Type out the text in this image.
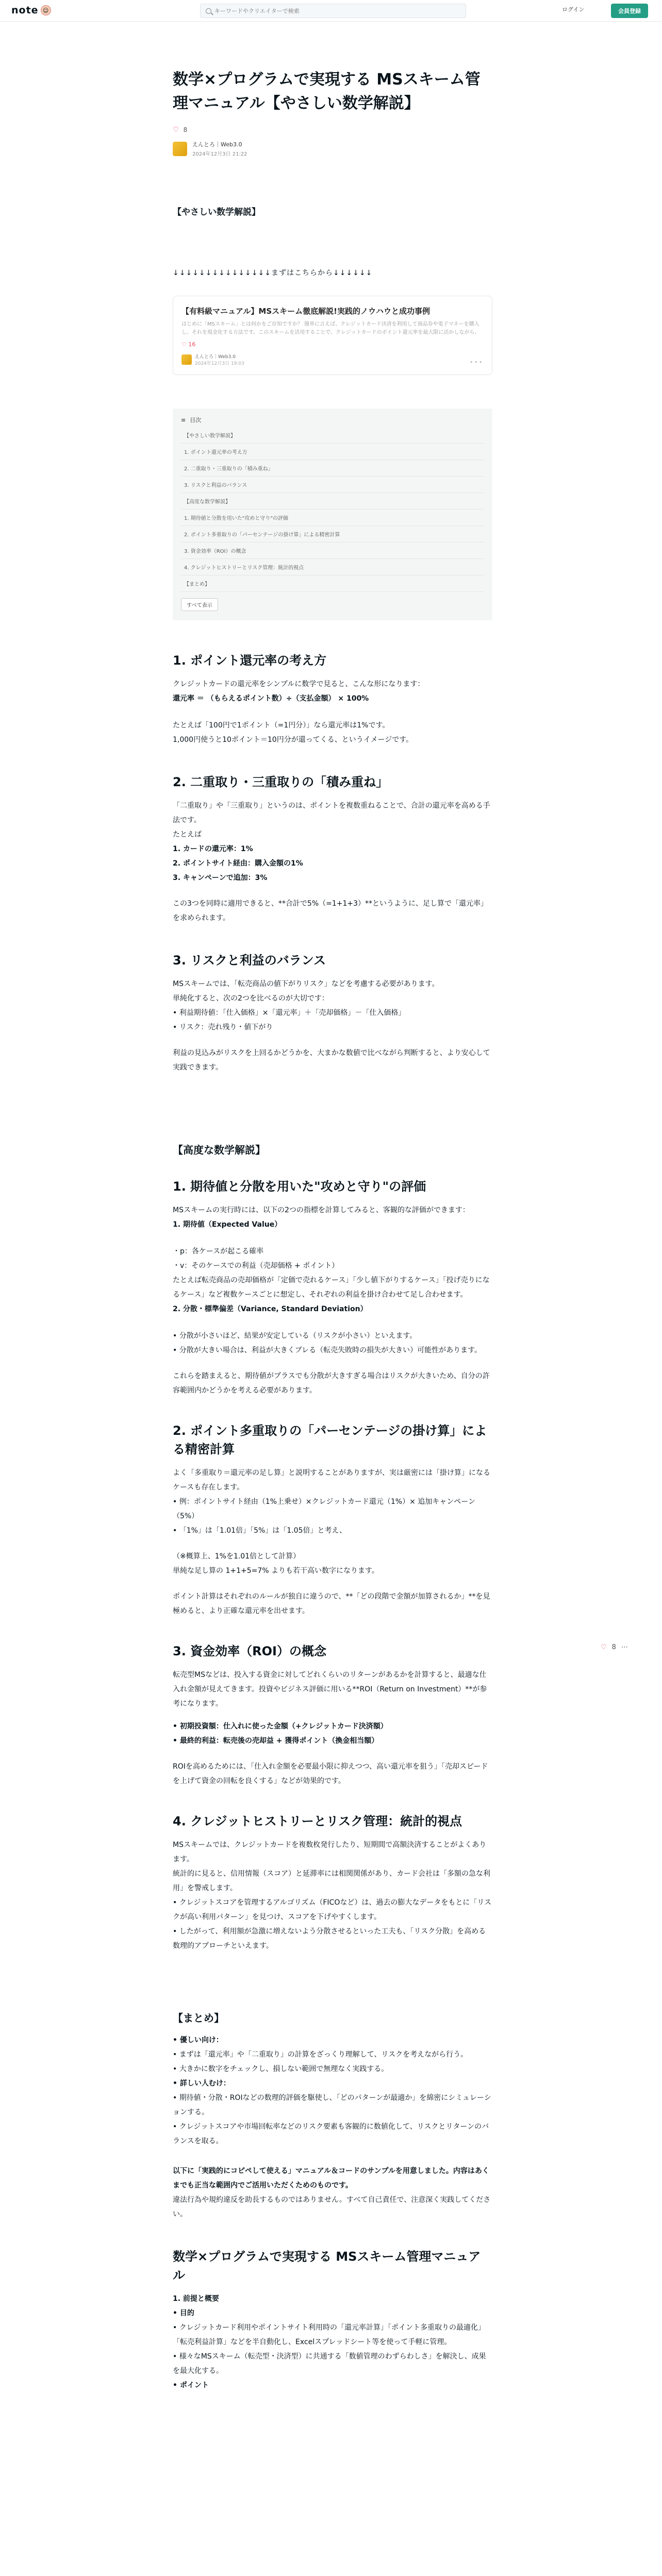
note ☺
キーワードやクリエイターで検索	ログイン	会員登録
数学×プログラムで実現する MSスキーム管理マニュアル【やさしい数学解説】
♡ 8
えんとろ｜Web3.0
2024年12月3日 21:22
【やさしい数学解説】
↓↓↓↓↓↓↓↓↓↓↓↓↓↓↓まずはこちらから↓↓↓↓↓↓
【有料級マニュアル】MSスキーム徹底解説!実践的ノウハウと成功事例
はじめに「MSスキーム」とは何かをご存知ですか？ 簡単に言えば、クレジットカード決済を利用して商品券や電子マネーを購入し、それを現金化する方法です。このスキームを活用することで、クレジットカードのポイント還元率を最大限に活かしながら、
♡ 16
えんとろ｜Web3.0
2024年12月3日 19:03	•••
≡ 目次
【やさしい数学解説】
1. ポイント還元率の考え方
2. 二重取り・三重取りの「積み重ね」
3. リスクと利益のバランス
【高度な数学解説】
1. 期待値と分散を用いた"攻めと守り"の評価
2. ポイント多重取りの「パーセンテージの掛け算」による精密計算
3. 資金効率（ROI）の概念
4. クレジットヒストリーとリスク管理：統計的視点
【まとめ】
すべて表示
1. ポイント還元率の考え方

クレジットカードの還元率をシンプルに数学で見ると、こんな形になります：

還元率 ＝ （もらえるポイント数）÷（支払金額） × 100%

たとえば「100円で1ポイント（=1円分）」なら還元率は1%です。

1,000円使うと10ポイント＝10円分が還ってくる、というイメージです。

2. 二重取り・三重取りの「積み重ね」

「二重取り」や「三重取り」というのは、ポイントを複数重ねることで、合計の還元率を高める手法です。

たとえば

1. カードの還元率：1%

2. ポイントサイト経由：購入金額の1%

3. キャンペーンで追加：3%

この3つを同時に適用できると、**合計で5%（=1+1+3）**というように、足し算で「還元率」を求められます。

3. リスクと利益のバランス

MSスキームでは、「転売商品の値下がりリスク」などを考慮する必要があります。

単純化すると、次の2つを比べるのが大切です：

• 利益期待値：「仕入価格」×「還元率」＋「売却価格」－「仕入価格」

• リスク：売れ残り・値下がり

利益の見込みがリスクを上回るかどうかを、大まかな数値で比べながら判断すると、より安心して実践できます。

【高度な数学解説】
1. 期待値と分散を用いた"攻めと守り"の評価

MSスキームの実行時には、以下の2つの指標を計算してみると、客観的な評価ができます：

1. 期待値（Expected Value）

・p：各ケースが起こる確率

・v：そのケースでの利益（売却価格 + ポイント）

たとえば転売商品の売却価格が「定価で売れるケース」「少し値下がりするケース」「投げ売りになるケース」など複数ケースごとに想定し、それぞれの利益を掛け合わせて足し合わせます。

2. 分散・標準偏差（Variance, Standard Deviation）

• 分散が小さいほど、結果が安定している（リスクが小さい）といえます。

• 分散が大きい場合は、利益が大きくブレる（転売失敗時の損失が大きい）可能性があります。

これらを踏まえると、期待値がプラスでも分散が大きすぎる場合はリスクが大きいため、自分の許容範囲内かどうかを考える必要があります。

2. ポイント多重取りの「パーセンテージの掛け算」による精密計算

よく「多重取り＝還元率の足し算」と説明することがありますが、実は厳密には「掛け算」になるケースも存在します。

• 例：ポイントサイト経由（1%上乗せ）×クレジットカード還元（1%）× 追加キャンペーン（5%）

• 「1%」は「1.01倍」「5%」は「1.05倍」と考え、

（※概算上、1%を1.01倍として計算）

単純な足し算の 1+1+5=7% よりも若干高い数字になります。

ポイント計算はそれぞれのルールが独自に違うので、**「どの段階で金額が加算されるか」**を見極めると、より正確な還元率を出せます。

3. 資金効率（ROI）の概念

転売型MSなどは、投入する資金に対してどれくらいのリターンがあるかを計算すると、最適な仕入れ金額が見えてきます。投資やビジネス評価に用いる**ROI（Return on Investment）**が参考になります。

• 初期投資額：仕入れに使った金額（+クレジットカード決済額）

• 最終的利益：転売後の売却益 + 獲得ポイント（換金相当額）

ROIを高めるためには、「仕入れ金額を必要最小限に抑えつつ、高い還元率を狙う」「売却スピードを上げて資金の回転を良くする」などが効果的です。

4. クレジットヒストリーとリスク管理：統計的視点

MSスキームでは、クレジットカードを複数枚発行したり、短期間で高額決済することがよくあります。

統計的に見ると、信用情報（スコア）と延滞率には相関関係があり、カード会社は「多額の急な利用」を警戒します。

• クレジットスコアを管理するアルゴリズム（FICOなど）は、過去の膨大なデータをもとに「リスクが高い利用パターン」を見つけ、スコアを下げやすくします。

• したがって、利用額が急激に増えないよう分散させるといった工夫も、「リスク分散」を高める数理的アプローチといえます。

【まとめ】

• 優しい向け：

• まずは「還元率」や「二重取り」の計算をざっくり理解して、リスクを考えながら行う。

• 大きかに数字をチェックし、損しない範囲で無理なく実践する。

• 詳しい人むけ：

• 期待値・分散・ROIなどの数理的評価を駆使し、「どのパターンが最適か」を綿密にシミュレーションする。

• クレジットスコアや市場回転率などのリスク要素も客観的に数値化して、リスクとリターンのバランスを取る。

以下に「実践的にコピペして使える」マニュアル＆コードのサンプルを用意しました。内容はあくまでも正当な範囲内でご活用いただくためのものです。

違法行為や規約違反を助長するものではありません。すべて自己責任で、注意深く実践してください。

数学×プログラムで実現する MSスキーム管理マニュアル

1. 前提と概要

• 目的

• クレジットカード利用やポイントサイト利用時の「還元率計算」「ポイント多重取りの最適化」「転売利益計算」などを半自動化し、Excelスプレッドシート等を使って手軽に管理。

• 様々なMSスキーム（転売型・決済型）に共通する「数値管理のわずらわしさ」を解決し、成果を最大化する。

• ポイント

♡ 8 ⋯
